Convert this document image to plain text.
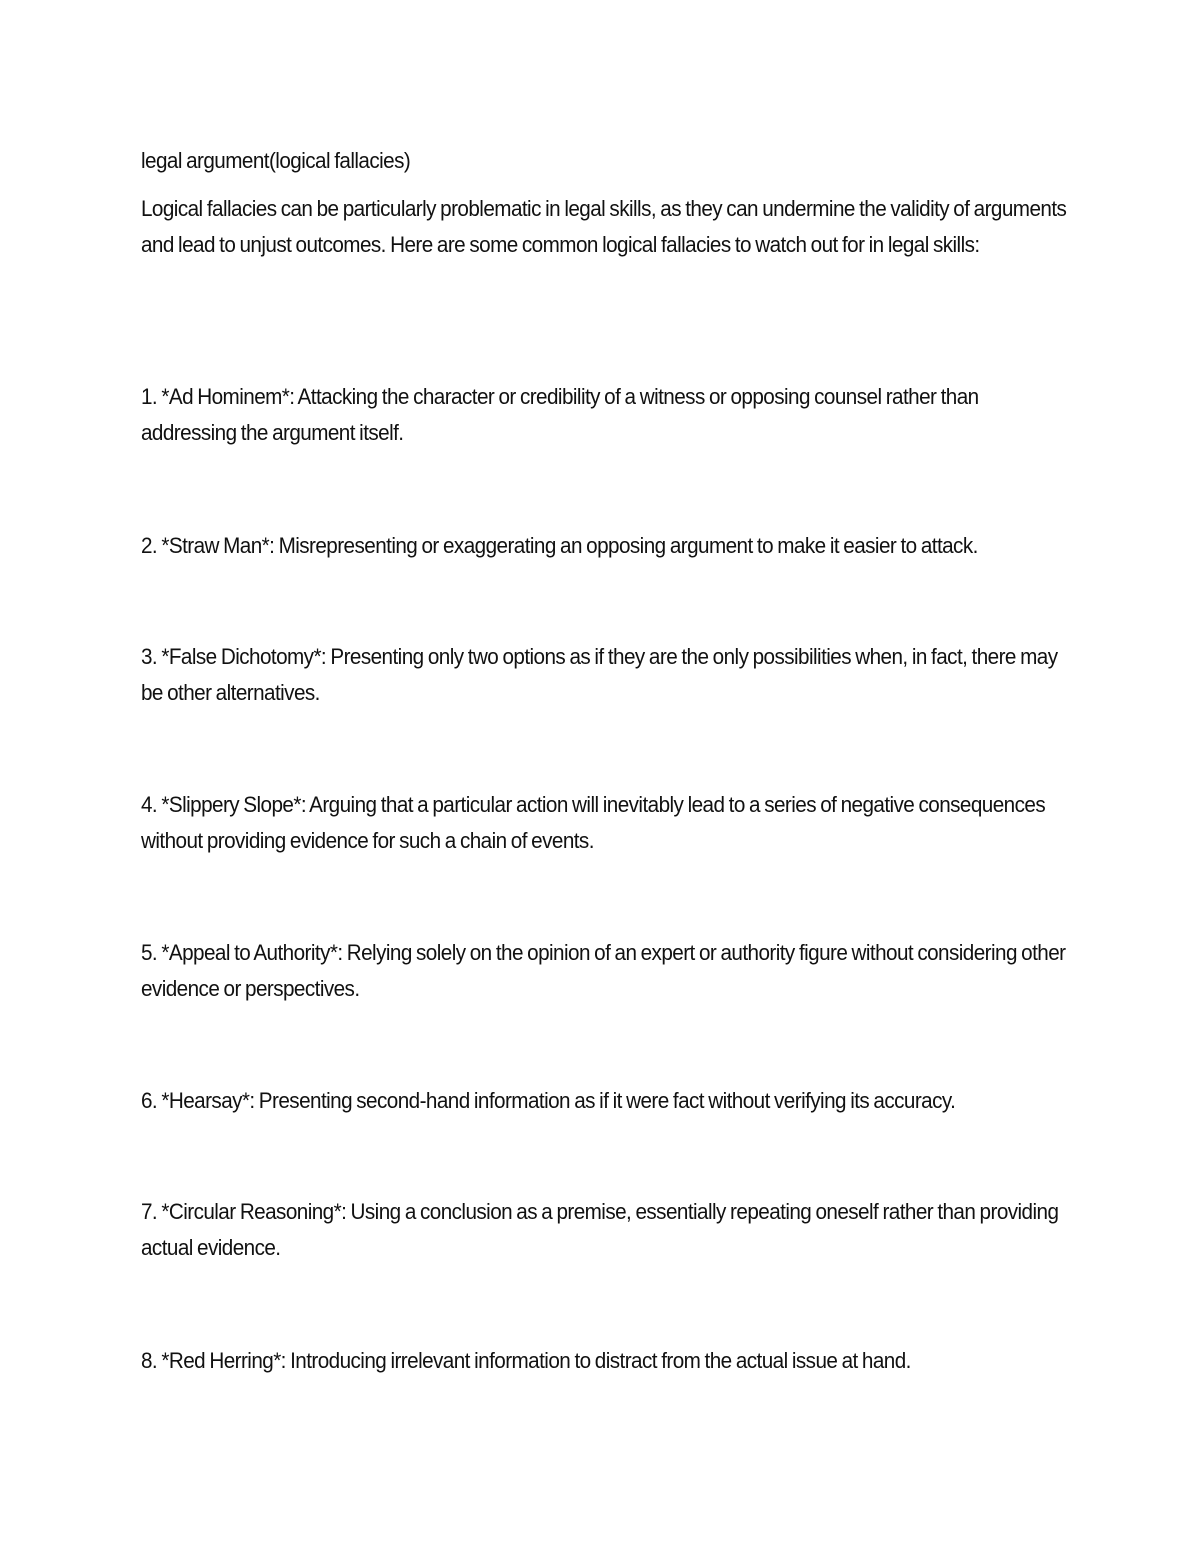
legal argument(logical fallacies)

Logical fallacies can be particularly problematic in legal skills, as they can undermine the validity of arguments and lead to unjust outcomes. Here are some common logical fallacies to watch out for in legal skills:

1. *Ad Hominem*: Attacking the character or credibility of a witness or opposing counsel rather than addressing the argument itself.
2. *Straw Man*: Misrepresenting or exaggerating an opposing argument to make it easier to attack.
3. *False Dichotomy*: Presenting only two options as if they are the only possibilities when, in fact, there may be other alternatives.
4. *Slippery Slope*: Arguing that a particular action will inevitably lead to a series of negative consequences without providing evidence for such a chain of events.
5. *Appeal to Authority*: Relying solely on the opinion of an expert or authority figure without considering other evidence or perspectives.
6. *Hearsay*: Presenting second-hand information as if it were fact without verifying its accuracy.
7. *Circular Reasoning*: Using a conclusion as a premise, essentially repeating oneself rather than providing actual evidence.
8. *Red Herring*: Introducing irrelevant information to distract from the actual issue at hand.
